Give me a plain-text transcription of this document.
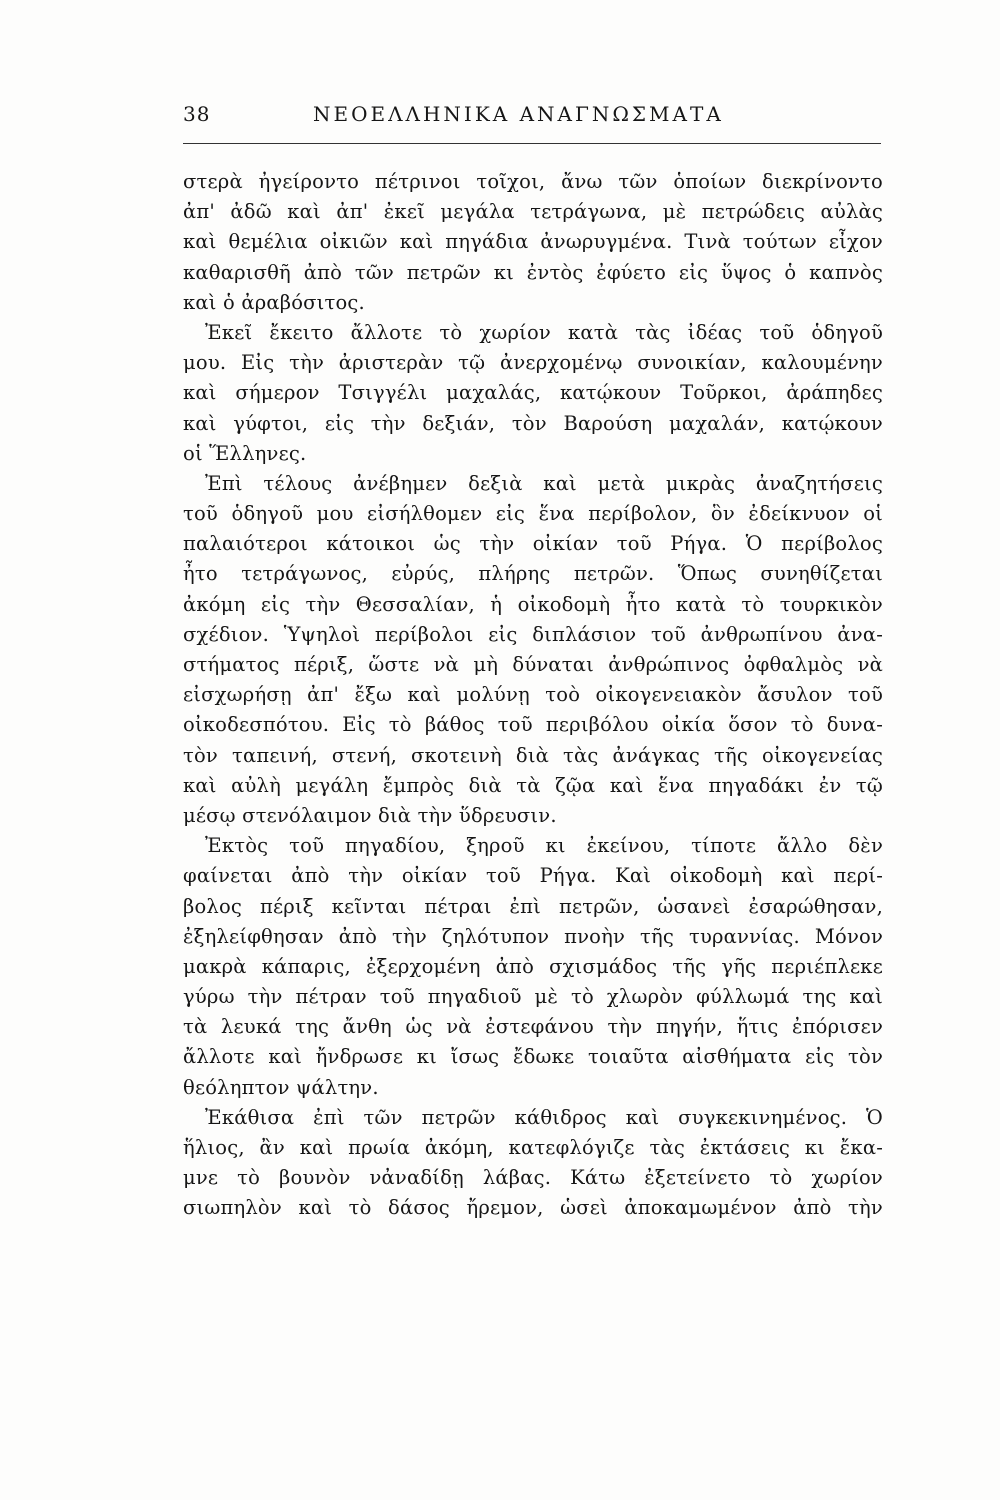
38	ΝΕΟΕΛΛΗΝΙΚΑ ΑΝΑΓΝΩΣΜΑΤΑ
στερὰ ἠγείροντο πέτρινοι τοῖχοι, ἄνω τῶν ὁποίων διεκρίνοντο
ἀπ' ἀδῶ καὶ ἀπ' ἐκεῖ μεγάλα τετράγωνα, μὲ πετρώδεις αὐλὰς
καὶ θεμέλια οἰκιῶν καὶ πηγάδια ἀνωρυγμένα. Τινὰ τούτων εἶχον
καθαρισθῆ ἀπὸ τῶν πετρῶν κι ἐντὸς ἐφύετο εἰς ὕψος ὁ καπνὸς
καὶ ὁ ἀραβόσιτος.
Ἐκεῖ ἔκειτο ἄλλοτε τὸ χωρίον κατὰ τὰς ἰδέας τοῦ ὁδηγοῦ
μου. Εἰς τὴν ἀριστερὰν τῷ ἀνερχομένῳ συνοικίαν, καλουμένην
καὶ σήμερον Τσιγγέλι μαχαλάς, κατῴκουν Τοῦρκοι, ἀράπηδες
καὶ γύφτοι, εἰς τὴν δεξιάν, τὸν Βαρούση μαχαλάν, κατῴκουν
οἱ Ἕλληνες.
Ἐπὶ τέλους ἀνέβημεν δεξιὰ καὶ μετὰ μικρὰς ἀναζητήσεις
τοῦ ὁδηγοῦ μου εἰσήλθομεν εἰς ἕνα περίβολον, ὃν ἐδείκνυον οἱ
παλαιότεροι κάτοικοι ὡς τὴν οἰκίαν τοῦ Ρήγα. Ὁ περίβολος
ἦτο τετράγωνος, εὐρύς, πλήρης πετρῶν. Ὅπως συνηθίζεται
ἀκόμη εἰς τὴν Θεσσαλίαν, ἡ οἰκοδομὴ ἦτο κατὰ τὸ τουρκικὸν
σχέδιον. Ὑψηλοὶ περίβολοι εἰς διπλάσιον τοῦ ἀνθρωπίνου ἀνα-
στήματος πέριξ, ὥστε νὰ μὴ δύναται ἀνθρώπινος ὀφθαλμὸς νὰ
εἰσχωρήσῃ ἀπ' ἔξω καὶ μολύνῃ τοὸ οἰκογενειακὸν ἄσυλον τοῦ
οἰκοδεσπότου. Εἰς τὸ βάθος τοῦ περιβόλου οἰκία ὅσον τὸ δυνα-
τὸν ταπεινή, στενή, σκοτεινὴ διὰ τὰς ἀνάγκας τῆς οἰκογενείας
καὶ αὐλὴ μεγάλη ἔμπρὸς διὰ τὰ ζῷα καὶ ἕνα πηγαδάκι ἐν τῷ
μέσῳ στενόλαιμον διὰ τὴν ὕδρευσιν.
Ἐκτὸς τοῦ πηγαδίου, ξηροῦ κι ἐκείνου, τίποτε ἄλλο δὲν
φαίνεται ἀπὸ τὴν οἰκίαν τοῦ Ρήγα. Καὶ οἰκοδομὴ καὶ περί-
βολος πέριξ κεῖνται πέτραι ἐπὶ πετρῶν, ὡσανεὶ ἐσαρώθησαν,
ἐξηλείφθησαν ἀπὸ τὴν ζηλότυπον πνοὴν τῆς τυραννίας. Μόνον
μακρὰ κάπαρις, ἐξερχομένη ἀπὸ σχισμάδος τῆς γῆς περιέπλεκε
γύρω τὴν πέτραν τοῦ πηγαδιοῦ μὲ τὸ χλωρὸν φύλλωμά της καὶ
τὰ λευκά της ἄνθη ὡς νὰ ἐστεφάνου τὴν πηγήν, ἥτις ἐπόρισεν
ἄλλοτε καὶ ἤνδρωσε κι ἴσως ἔδωκε τοιαῦτα αἰσθήματα εἰς τὸν
θεόληπτον ψάλτην.
Ἐκάθισα ἐπὶ τῶν πετρῶν κάθιδρος καὶ συγκεκινημένος. Ὁ
ἥλιος, ἂν καὶ πρωία ἀκόμη, κατεφλόγιζε τὰς ἐκτάσεις κι ἔκα-
μνε τὸ βουνὸν νἀναδίδῃ λάβας. Κάτω ἐξετείνετο τὸ χωρίον
σιωπηλὸν καὶ τὸ δάσος ἤρεμον, ὡσεὶ ἀποκαμωμένον ἀπὸ τὴν
